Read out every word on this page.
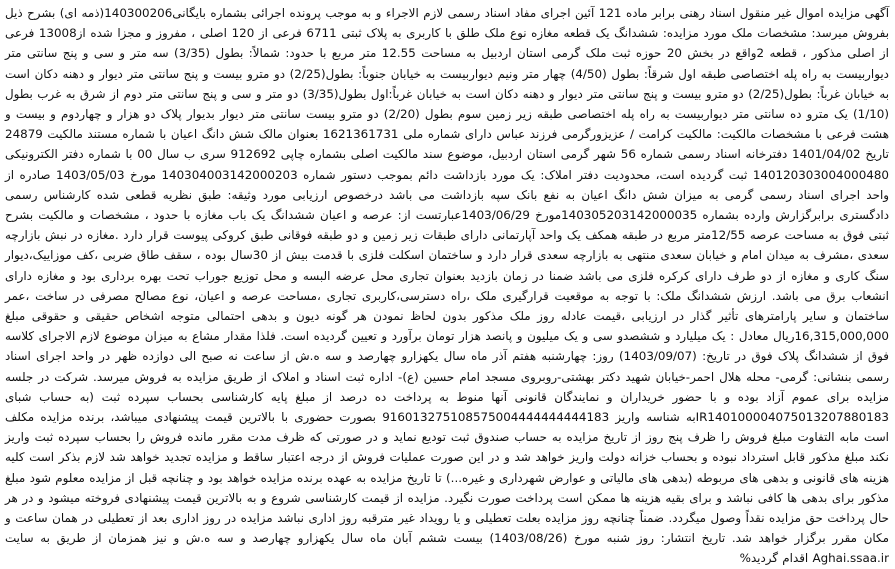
آگهی مزایده اموال غیر منقول اسناد رهنی برابر ماده 121 آئین اجرای مفاد اسناد رسمی لازم الاجراء و به موجب پرونده اجرائی بشماره بایگانی140300206(ذمه ای) بشرح ذیل بفروش میرسد: مشخصات ملک مورد مزایده: ششدانگ یک قطعه مغازه نوع ملک طلق با کاربری به پلاک ثبتی 6711 فرعی از 120 اصلی ، مفروز و مجزا شده از13008 فرعی از اصلی مذکور ، قطعه 2واقع در بخش 20 حوزه ثبت ملک گرمی استان اردبیل به مساحت 12.55 متر مربع با حدود: شمالاً: بطول (3/35) سه متر و سی و پنج سانتی متر دیواربیست به راه پله اختصاصی طبقه اول شرقاً: بطول (4/50) چهار متر ونیم دیواربیست به خیابان جنوباً: بطول(2/25) دو مترو بیست و پنج سانتی متر دیوار و دهنه دکان است به خیابان غرباً: بطول(2/25) دو مترو بیست و پنج سانتی متر دیوار و دهنه دکان است به خیابان غرباً:اول بطول(3/35) دو متر و سی و پنج سانتی متر دوم از شرق به غرب بطول (1/10) یک مترو ده سانتی متر دیواربیست به راه پله اختصاصی طبقه زیر زمین سوم بطول (2/20) دو مترو بیست سانتی متر دیوار بدیوار پلاک دو هزار و چهاردوم و بیست و هشت فرعی با مشخصات مالکیت: مالکیت کرامت / عزیزورگرمی فرزند عباس دارای شماره ملی 1621361731 بعنوان مالک شش دانگ اعیان با شماره مستند مالکیت 24879 تاریخ 1401/04/02 دفترخانه اسناد رسمی شماره 56 شهر گرمی استان اردبیل، موضوع سند مالکیت اصلی بشماره چاپی 912692 سری ب سال 00 با شماره دفتر الکترونیکی 140120303004000480 ثبت گردیده است، محدودیت دفتر املاک: یک مورد بازداشت دائم بموجب دستور شماره 140304003142000203 مورخ 1403/05/03 صادره از واحد اجرای اسناد رسمی گرمی به میزان شش دانگ اعیان به نفع بانک سپه بازداشت می باشد درخصوص ارزیابی مورد وثیقه: طبق نظریه قطعی شده کارشناس رسمی دادگستری برابرگزارش وارده بشماره 140305203142000035مورخ 1403/06/29عبارتست از: عرصه و اعیان ششدانگ یک باب مغازه با حدود ، مشخصات و مالکیت بشرح ثبتی فوق به مساحت عرصه 12/55متر مربع در طبقه همکف یک واحد آپارتمانی دارای طبقات زیر زمین و دو طبقه فوقانی طبق کروکی پیوست قرار دارد .مغازه در نبش بازارچه سعدی ،مشرف به میدان امام و خیابان سعدی منتهی به بازارچه سعدی قرار دارد و ساختمان اسکلت فلزی با قدمت بیش از 30سال بوده ، سقف طاق ضربی ،کف موزاییک،دیوار سنگ کاری و مغازه از دو طرف دارای کرکره فلزی می باشد ضمنا در زمان بازدید بعنوان تجاری محل عرضه البسه و محل توزیع جوراب تحت بهره برداری بود و مغازه دارای انشعاب برق می باشد. ارزش ششدانگ ملک: با توجه به موقعیت قرارگیری ملک ،راه دسترسی،کاربری تجاری ،مساحت عرصه و اعیان، نوع مصالح مصرفی در ساخت ،عمر ساختمان و سایر پارامترهای تأثیر گذار در ارزیابی ،قیمت عادله روز ملک مذکور بدون لحاظ نمودن هر گونه دیون و بدهی احتمالی متوجه اشخاص حقیقی و حقوقی مبلغ 16,315,000,000ریال معادل : یک میلیارد و ششصدو سی و یک میلیون و پانصد هزار تومان برآورد و تعیین گردیده است. فلذا مقدار مشاع به میزان موضوع لازم الاجرای کلاسه فوق از ششدانگ پلاک فوق در تاریخ: (1403/09/07) روز: چهارشنبه هفتم آذر ماه سال یکهزارو چهارصد و سه ه.ش از ساعت نه صبح الی دوازده ظهر در واحد اجرای اسناد رسمی بنشانی: گرمی- محله هلال احمر-خیابان شهید دکتر بهشتی-روبروی مسجد امام حسین (ع)- اداره ثبت اسناد و املاک از طریق مزایده به فروش میرسد. شرکت در جلسه مزایده برای عموم آزاد بوده و با حضور خریداران و نمایندگان قانونی آنها منوط به پرداخت ده درصد از مبلغ پایه کارشناسی بحساب سپرده ثبت (به حساب شبای IR140100004075013207880183به شناسه واریز 916013275108575004444444444183 بصورت حضوری با بالاترین قیمت پیشنهادی میباشد، برنده مزایده مکلف است مابه التفاوت مبلغ فروش را ظرف پنج روز از تاریخ مزایده به حساب صندوق ثبت تودیع نماید و در صورتی که ظرف مدت مقرر مانده فروش را بحساب سپرده ثبت واریز نکند مبلغ مذکور قابل استرداد نبوده و بحساب خزانه دولت واریز خواهد شد و در این صورت عملیات فروش از درجه اعتبار ساقط و مزایده تجدید خواهد شد لازم بذکر است کلیه هزینه های قانونی و بدهی های مربوطه (بدهی های مالیاتی و عوارض شهرداری و غیره...) تا تاریخ مزایده به عهده برنده مزایده خواهد بود و چنانچه قبل از مزایده معلوم شود مبلغ مذکور برای بدهی ها کافی نباشد و برای بقیه هزینه ها ممکن است پرداخت صورت نگیرد. مزایده از قیمت کارشناسی شروع و به بالاترین قیمت پیشنهادی فروخته میشود و در هر حال پرداخت حق مزایده نقداً وصول میگردد. ضمناً چنانچه روز مزایده بعلت تعطیلی و یا رویداد غیر مترقبه روز اداری نباشد مزایده در روز اداری بعد از تعطیلی در همان ساعت و مکان مقرر برگزار خواهد شد. تاریخ انتشار: روز شنبه مورخ (1403/08/26) بیست ششم آبان ماه سال یکهزارو چهارصد و سه ه.ش و نیز همزمان از طریق به سایت Aghai.ssaa.ir اقدام گردید%
